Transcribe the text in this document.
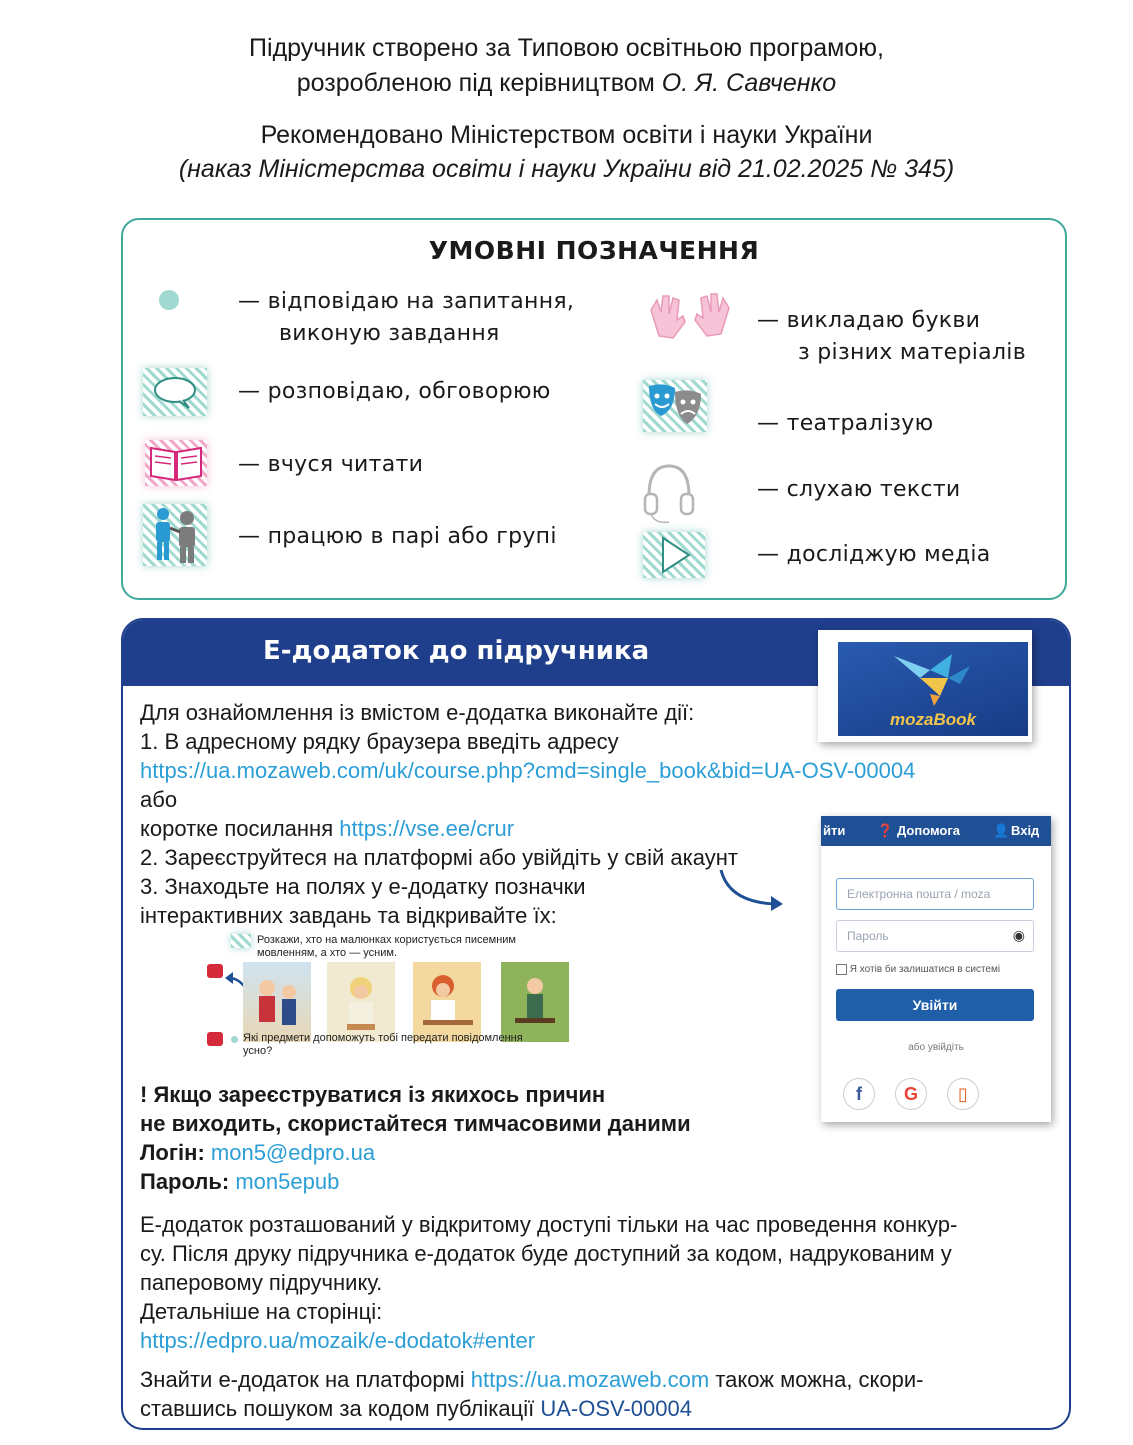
Підручник створено за Типовою освітньою програмою,
розробленою під керівництвом О. Я. Савченко
Рекомендовано Міністерством освіти і науки України
(наказ Міністерства освіти і науки України від 21.02.2025 № 345)
УМОВНІ ПОЗНАЧЕННЯ
— відповідаю на запитання,
виконую завдання
— розповідаю, обговорюю
— вчуся читати
— працюю в парі або групі
— викладаю букви
з різних матеріалів
— театралізую
— слухаю тексти
— досліджую медіа
Е-додаток до підручника
Для ознайомлення із вмістом е-додатка виконайте дії:
1. В адресному рядку браузера введіть адресу
https://ua.mozaweb.com/uk/course.php?cmd=single_book&bid=UA-OSV-00004
або
коротке посилання https://vse.ee/crur
2. Зареєструйтеся на платформі або увійдіть у свій акаунт
3. Знаходьте на полях у е-додатку позначки
інтерактивних завдань та відкривайте їх:
Розкажи, хто на малюнках користується писемним
мовленням, а хто — усним.
Які предмети допоможуть тобі передати повідомлення
усно?
! Якщо зареєструватися із якихось причин
не виходить, скористайтеся тимчасовими даними
Логін: mon5@edpro.ua
Пароль: mon5epub
Е-додаток розташований у відкритому доступі тільки на час проведення конкур-
су. Після друку підручника е-додаток буде доступний за кодом, надрукованим у
паперовому підручнику.
Детальніше на сторінці:
https://edpro.ua/mozaik/e-dodatok#enter
Знайти е-додаток на платформі https://ua.mozaweb.com також можна, скори-
ставшись пошуком за кодом публікації UA-OSV-00004
mozaBook
йти ❓ Допомога	👤 Вхід
Електронна пошта / moza
Пароль	◉
Я хотів би залишатися в системі
Увійти
або увійдіть
f	G	▯
